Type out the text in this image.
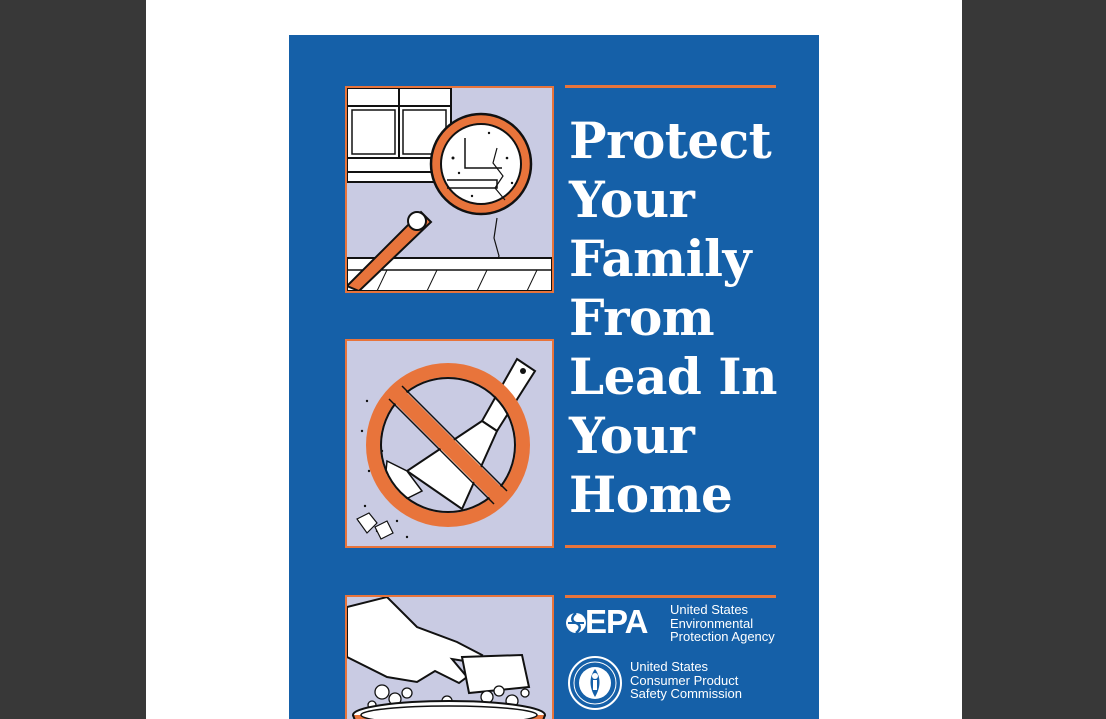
Protect
Your
Family
From
Lead In
Your
Home
EPA United States
Environmental
Protection Agency
United States
Consumer Product
Safety Commission
